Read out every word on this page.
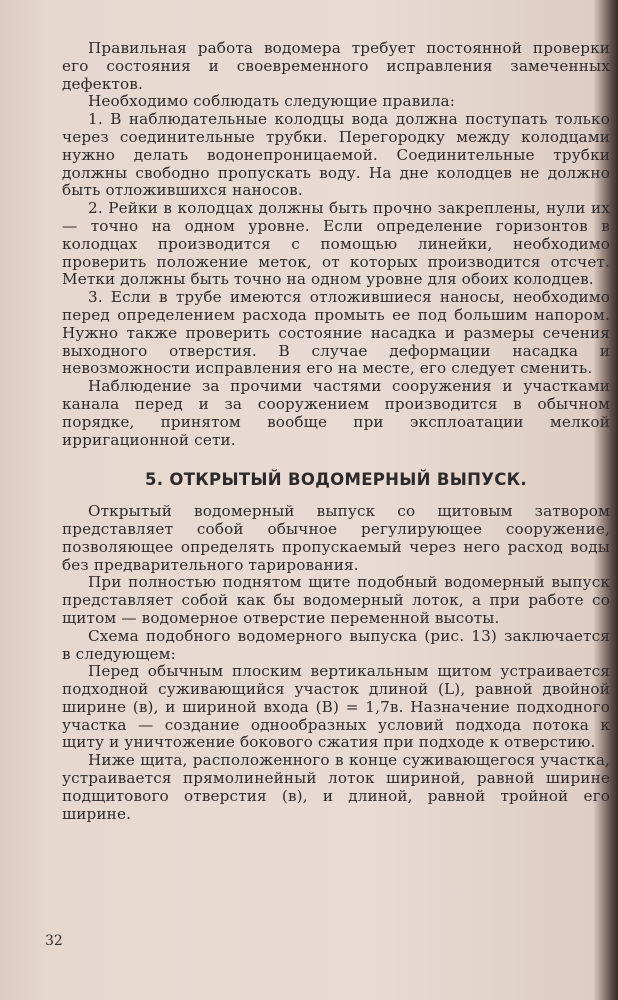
Правильная работа водомера требует постоянной проверки его состояния и своевременного исправления замеченных дефектов.

Необходимо соблюдать следующие правила:

1. В наблюдательные колодцы вода должна поступать только через соединительные трубки. Перегородку между колодцами нужно делать водонепроницаемой. Соединительные трубки должны свободно пропускать воду. На дне колодцев не должно быть отложившихся наносов.

2. Рейки в колодцах должны быть прочно закреплены, нули их — точно на одном уровне. Если определение горизонтов в колодцах производится с помощью линейки, необходимо проверить положение меток, от которых производится отсчет. Метки должны быть точно на одном уровне для обоих колодцев.

3. Если в трубе имеются отложившиеся наносы, необходимо перед определением расхода промыть ее под большим напором. Нужно также проверить состояние насадка и размеры сечения выходного отверстия. В случае деформации насадка и невозможности исправления его на месте, его следует сменить.

Наблюдение за прочими частями сооружения и участками канала перед и за сооружением производится в обычном порядке, принятом вообще при эксплоатации мелкой ирригационной сети.

5. ОТКРЫТЫЙ ВОДОМЕРНЫЙ ВЫПУСК.

Открытый водомерный выпуск со щитовым затвором представляет собой обычное регулирующее сооружение, позволяющее определять пропускаемый через него расход воды без предварительного тарирования.

При полностью поднятом щите подобный водомерный выпуск представляет собой как бы водомерный лоток, а при работе со щитом — водомерное отверстие переменной высоты.

Схема подобного водомерного выпуска (рис. 13) заключается в следующем:

Перед обычным плоским вертикальным щитом устраивается подходной суживающийся участок длиной (L), равной двойной ширине (в), и шириной входа (B) = 1,7в. Назначение подходного участка — создание однообразных условий подхода потока к щиту и уничтожение бокового сжатия при подходе к отверстию.

Ниже щита, расположенного в конце суживающегося участка, устраивается прямолинейный лоток шириной, равной ширине подщитового отверстия (в), и длиной, равной тройной его ширине.

32
